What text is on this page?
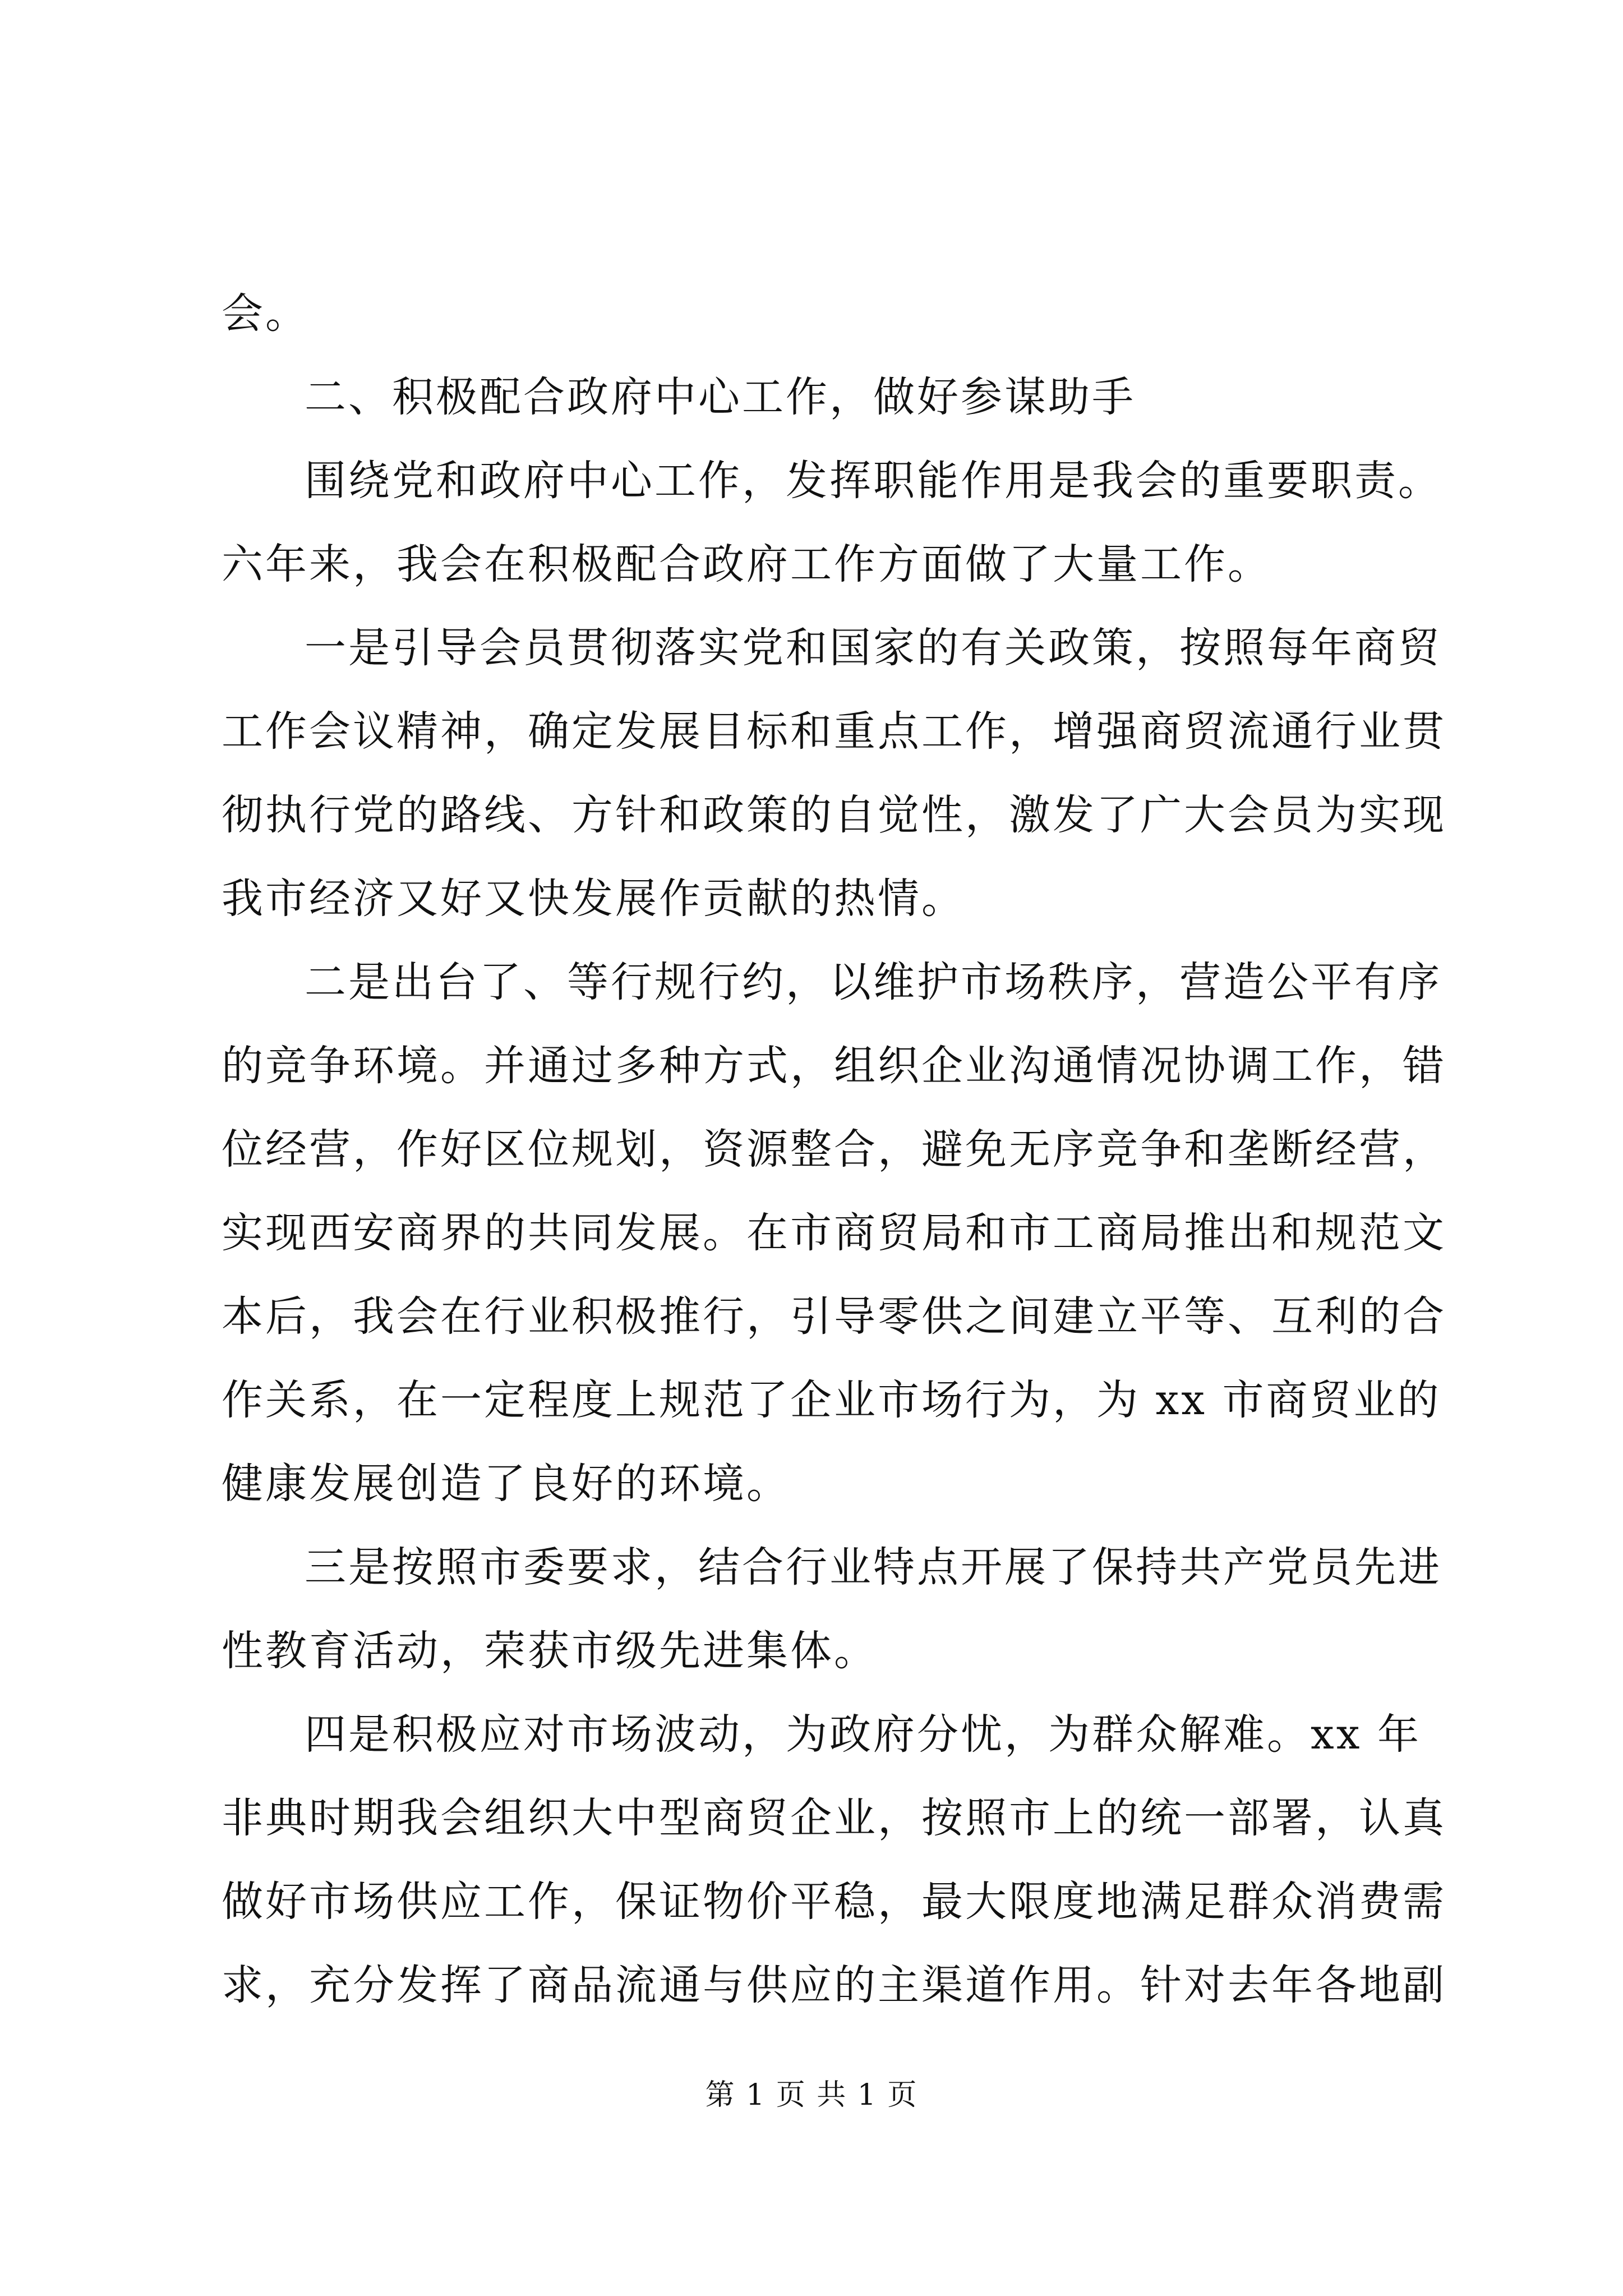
会。
二、积极配合政府中心工作，做好参谋助手
围绕党和政府中心工作，发挥职能作用是我会的重要职责。
六年来，我会在积极配合政府工作方面做了大量工作。
一是引导会员贯彻落实党和国家的有关政策，按照每年商贸
工作会议精神，确定发展目标和重点工作，增强商贸流通行业贯
彻执行党的路线、方针和政策的自觉性，激发了广大会员为实现
我市经济又好又快发展作贡献的热情。
二是出台了、等行规行约，以维护市场秩序，营造公平有序
的竞争环境。并通过多种方式，组织企业沟通情况协调工作，错
位经营，作好区位规划，资源整合，避免无序竞争和垄断经营，
实现西安商界的共同发展。在市商贸局和市工商局推出和规范文
本后，我会在行业积极推行，引导零供之间建立平等、互利的合
作关系，在一定程度上规范了企业市场行为，为 xx 市商贸业的
健康发展创造了良好的环境。
三是按照市委要求，结合行业特点开展了保持共产党员先进
性教育活动，荣获市级先进集体。
四是积极应对市场波动，为政府分忧，为群众解难。xx 年
非典时期我会组织大中型商贸企业，按照市上的统一部署，认真
做好市场供应工作，保证物价平稳，最大限度地满足群众消费需
求，充分发挥了商品流通与供应的主渠道作用。针对去年各地副
第 1 页 共 1 页
